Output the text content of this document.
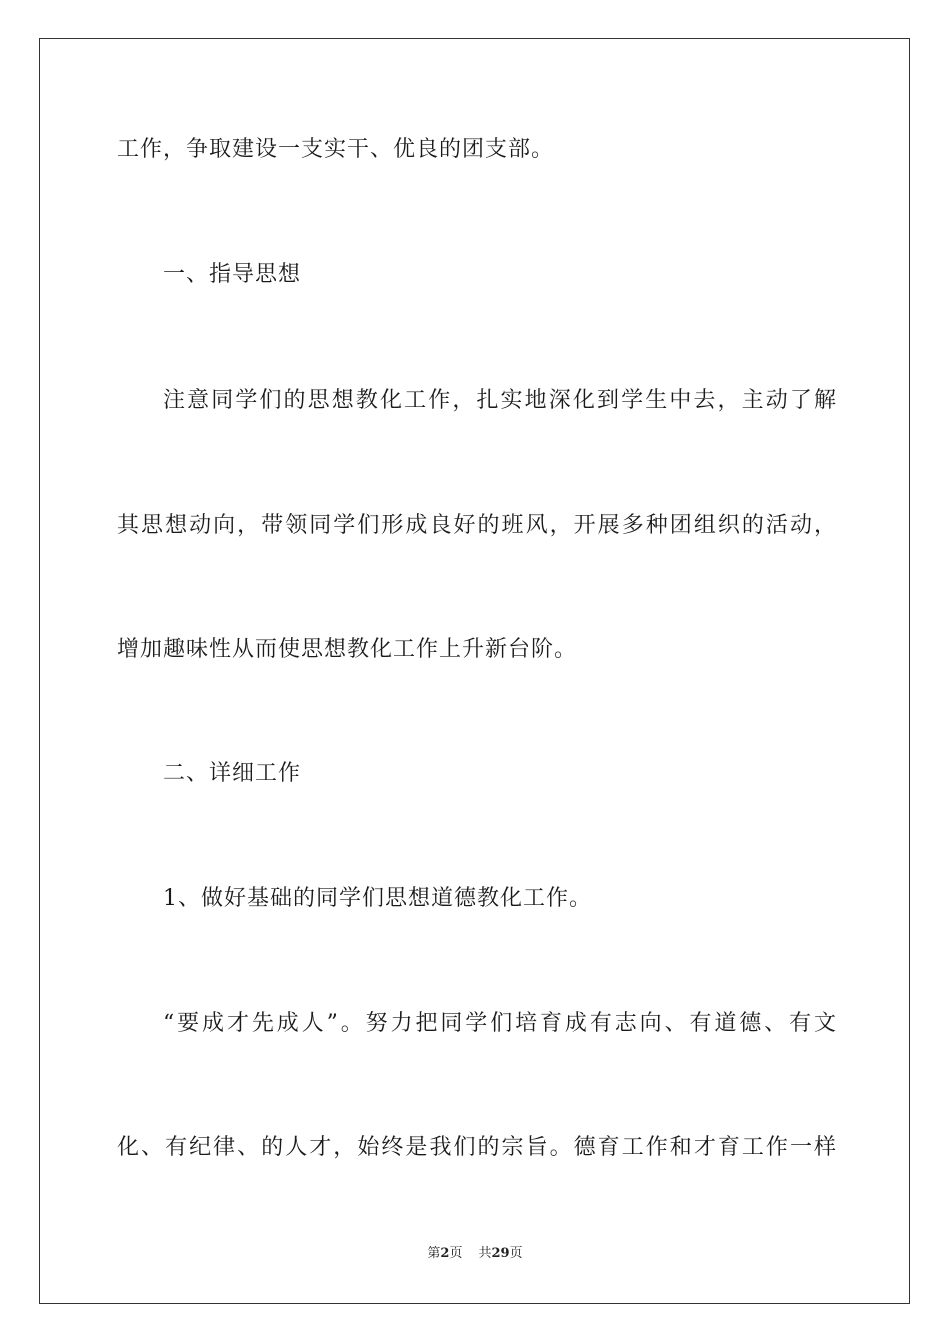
工作，争取建设一支实干、优良的团支部。
一、指导思想
注意同学们的思想教化工作，扎实地深化到学生中去，主动了解
其思想动向，带领同学们形成良好的班风，开展多种团组织的活动，
增加趣味性从而使思想教化工作上升新台阶。
二、详细工作
1、做好基础的同学们思想道德教化工作。
“要成才先成人”。努力把同学们培育成有志向、有道德、有文
化、有纪律、的人才，始终是我们的宗旨。德育工作和才育工作一样
第2页 共29页
